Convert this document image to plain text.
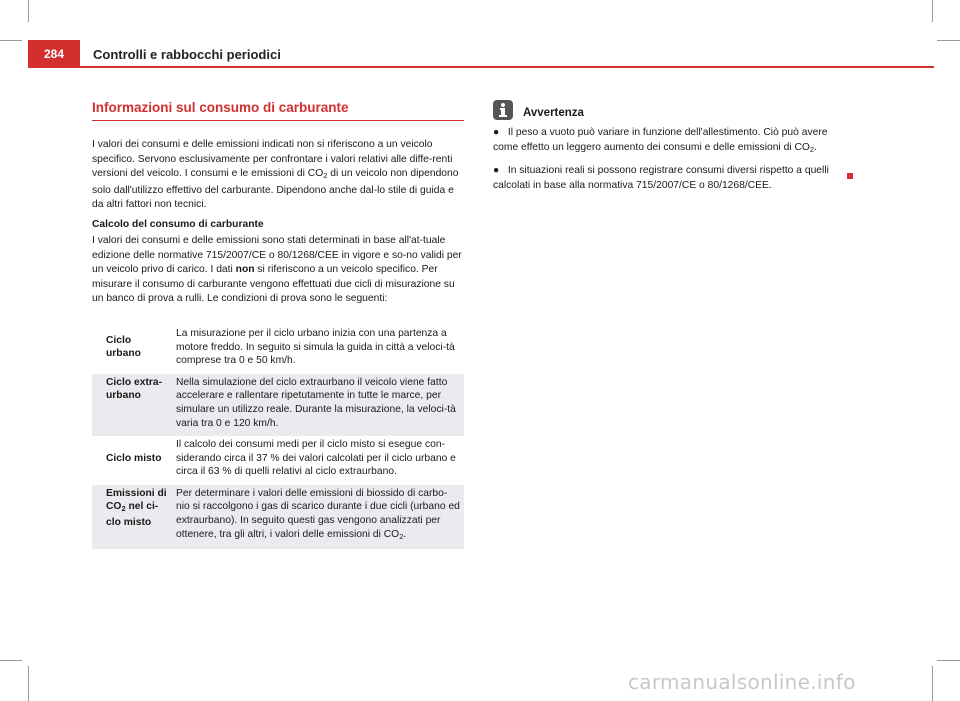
284	Controlli e rabbocchi periodici
Informazioni sul consumo di carburante

I valori dei consumi e delle emissioni indicati non si riferiscono a un veicolo specifico. Servono esclusivamente per confrontare i valori relativi alle diffe-renti versioni del veicolo. I consumi e le emissioni di $CO_2$ di un veicolo non dipendono solo dall'utilizzo effettivo del carburante. Dipendono anche dal-lo stile di guida e da altri fattori non tecnici.

Calcolo del consumo di carburante

I valori dei consumi e delle emissioni sono stati determinati in base all'at-tuale edizione delle normative 715/2007/CE o 80/1268/CEE in vigore e so-no validi per un veicolo privo di carico. I dati non si riferiscono a un veicolo specifico. Per misurare il consumo di carburante vengono effettuati due cicli di misurazione su un banco di prova a rulli. Le condizioni di prova sono le seguenti:

Ciclo urbano	La misurazione per il ciclo urbano inizia con una partenza a motore freddo. In seguito si simula la guida in città a veloci-tà comprese tra 0 e 50 km/h.
Ciclo extra-urbano	Nella simulazione del ciclo extraurbano il veicolo viene fatto accelerare e rallentare ripetutamente in tutte le marce, per simulare un utilizzo reale. Durante la misurazione, la veloci-tà varia tra 0 e 120 km/h.
Ciclo misto	Il calcolo dei consumi medi per il ciclo misto si esegue con-siderando circa il 37 % dei valori calcolati per il ciclo urbano e circa il 63 % di quelli relativi al ciclo extraurbano.
Emissioni di $CO_2$ nel ci-clo misto	Per determinare i valori delle emissioni di biossido di carbo-nio si raccolgono i gas di scarico durante i due cicli (urbano ed extraurbano). In seguito questi gas vengono analizzati per ottenere, tra gli altri, i valori delle emissioni di $CO_2$.
Avvertenza

● Il peso a vuoto può variare in funzione dell'allestimento. Ciò può avere come effetto un leggero aumento dei consumi e delle emissioni di $CO_2$.

● In situazioni reali si possono registrare consumi diversi rispetto a quelli calcolati in base alla normativa 715/2007/CE o 80/1268/CEE.

carmanualsonline.info
